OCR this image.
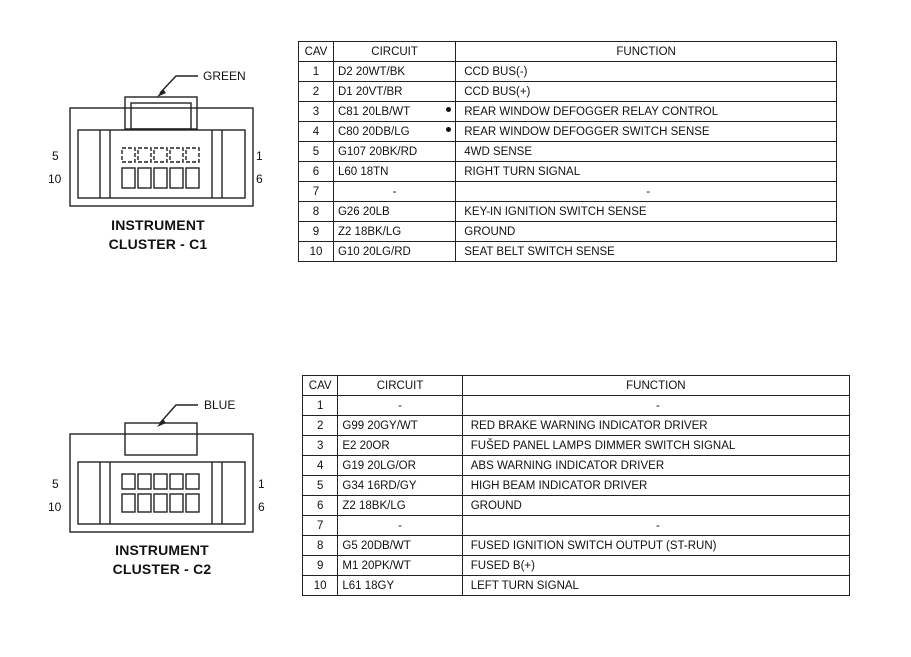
GREEN
5
10
1
6
BLUE
5
10
1
6
INSTRUMENT
CLUSTER - C1
INSTRUMENT
CLUSTER - C2
CAV	CIRCUIT	FUNCTION
1	D2 20WT/BK	CCD BUS(-)
2	D1 20VT/BR	CCD BUS(+)
3	C81 20LB/WT	REAR WINDOW DEFOGGER RELAY CONTROL
4	C80 20DB/LG	REAR WINDOW DEFOGGER SWITCH SENSE
5	G107 20BK/RD	4WD SENSE
6	L60 18TN	RIGHT TURN SIGNAL
7	-	-
8	G26 20LB	KEY-IN IGNITION SWITCH SENSE
9	Z2 18BK/LG	GROUND
10	G10 20LG/RD	SEAT BELT SWITCH SENSE
CAV	CIRCUIT	FUNCTION
1	-	-
2	G99 20GY/WT	RED BRAKE WARNING INDICATOR DRIVER
3	E2 20OR	FUŠED PANEL LAMPS DIMMER SWITCH SIGNAL
4	G19 20LG/OR	ABS WARNING INDICATOR DRIVER
5	G34 16RD/GY	HIGH BEAM INDICATOR DRIVER
6	Z2 18BK/LG	GROUND
7	-	-
8	G5 20DB/WT	FUSED IGNITION SWITCH OUTPUT (ST-RUN)
9	M1 20PK/WT	FUSED B(+)
10	L61 18GY	LEFT TURN SIGNAL
